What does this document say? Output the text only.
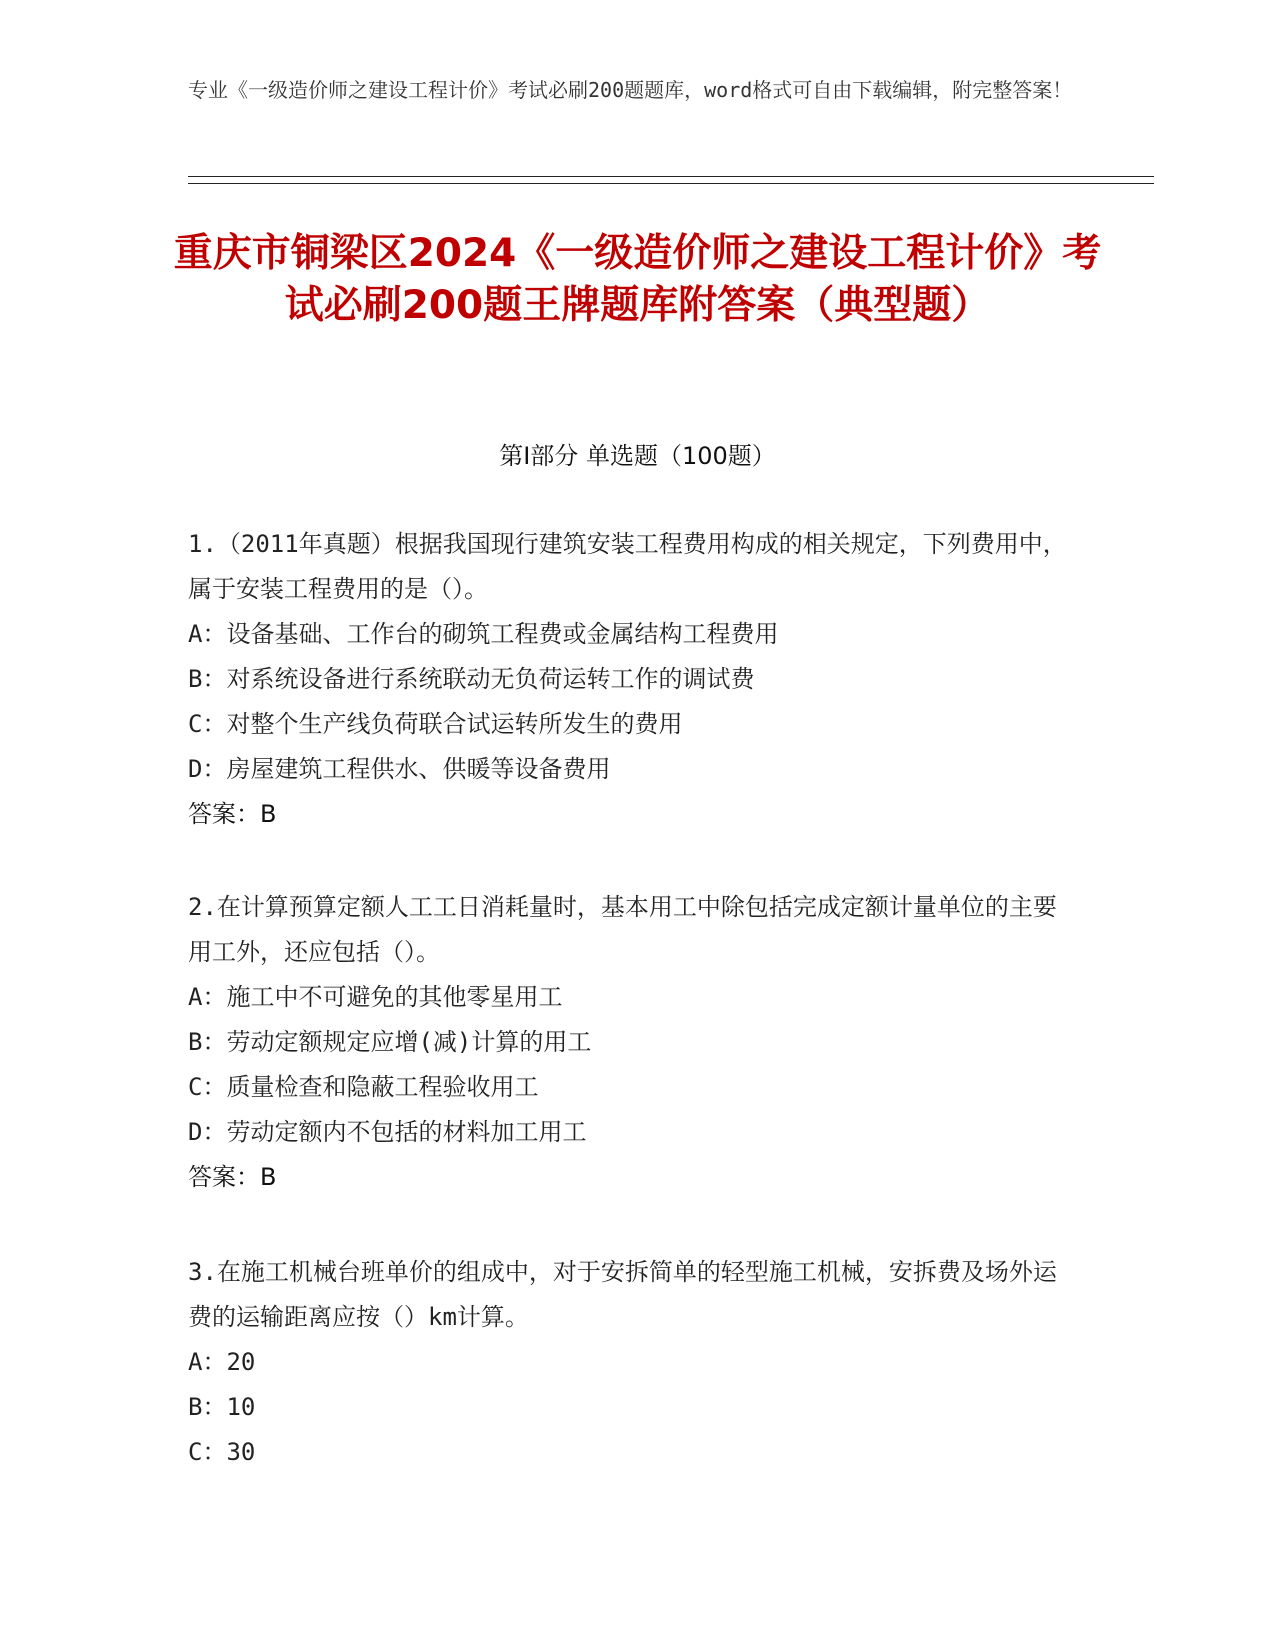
专业《一级造价师之建设工程计价》考试必刷200题题库，word格式可自由下载编辑，附完整答案！
重庆市铜梁区2024《一级造价师之建设工程计价》考试必刷200题王牌题库附答案（典型题）
第Ⅰ部分 单选题（100题）
1.（2011年真题）根据我国现行建筑安装工程费用构成的相关规定，下列费用中，属于安装工程费用的是（）。
A：设备基础、工作台的砌筑工程费或金属结构工程费用
B：对系统设备进行系统联动无负荷运转工作的调试费
C：对整个生产线负荷联合试运转所发生的费用
D：房屋建筑工程供水、供暖等设备费用
答案：B
2.在计算预算定额人工工日消耗量时，基本用工中除包括完成定额计量单位的主要用工外，还应包括（）。
A：施工中不可避免的其他零星用工
B：劳动定额规定应增(减)计算的用工
C：质量检查和隐蔽工程验收用工
D：劳动定额内不包括的材料加工用工
答案：B
3.在施工机械台班单价的组成中，对于安拆简单的轻型施工机械，安拆费及场外运费的运输距离应按（）km计算。
A：20
B：10
C：30
